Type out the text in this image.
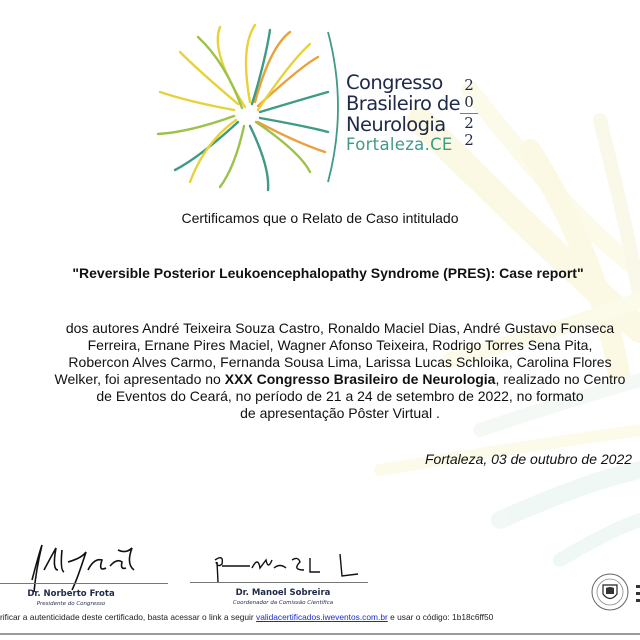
Congresso
Brasileiro de
Neurologia
Fortaleza.CE
2
0
2
2
Certificamos que o Relato de Caso intitulado
"Reversible Posterior Leukoencephalopathy Syndrome (PRES): Case report"
dos autores André Teixeira Souza Castro, Ronaldo Maciel Dias, André Gustavo Fonseca
Ferreira, Ernane Pires Maciel, Wagner Afonso Teixeira, Rodrigo Torres Sena Pita,
Robercon Alves Carmo, Fernanda Sousa Lima, Larissa Lucas Schloika, Carolina Flores
Welker, foi apresentado no XXX Congresso Brasileiro de Neurologia, realizado no Centro
de Eventos do Ceará, no período de 21 a 24 de setembro de 2022, no formato
de apresentação Pôster Virtual .
Fortaleza, 03 de outubro de 2022
Dr. Norberto Frota
Presidente do Congresso
Dr. Manoel Sobreira
Coordenador da Comissão Científica
rificar a autenticidade deste certificado, basta acessar o link a seguir validacertificados.iweventos.com.br e usar o código: 1b18c6ff50
